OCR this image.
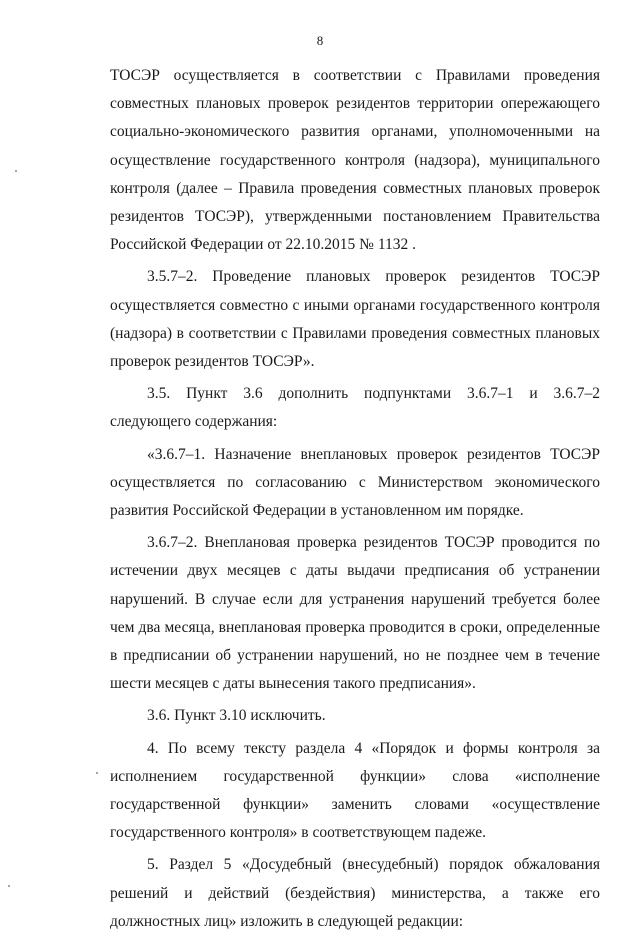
8

ТОСЭР осуществляется в соответствии с Правилами проведения совместных плановых проверок резидентов территории опережающего социально-экономического развития органами, уполномоченными на осуществление государственного контроля (надзора), муниципального контроля (далее – Правила проведения совместных плановых проверок резидентов ТОСЭР), утвержденными постановлением Правительства Российской Федерации от 22.10.2015 № 1132 .

3.5.7–2. Проведение плановых проверок резидентов ТОСЭР осуществляется совместно с иными органами государственного контроля (надзора) в соответствии с Правилами проведения совместных плановых проверок резидентов ТОСЭР».

3.5. Пункт 3.6 дополнить подпунктами 3.6.7–1 и 3.6.7–2 следующего содержания:

«3.6.7–1. Назначение внеплановых проверок резидентов ТОСЭР осуществляется по согласованию с Министерством экономического развития Российской Федерации в установленном им порядке.

3.6.7–2. Внеплановая проверка резидентов ТОСЭР проводится по истечении двух месяцев с даты выдачи предписания об устранении нарушений. В случае если для устранения нарушений требуется более чем два месяца, внеплановая проверка проводится в сроки, определенные в предписании об устранении нарушений, но не позднее чем в течение шести месяцев с даты вынесения такого предписания».

3.6. Пункт 3.10 исключить.

4. По всему тексту раздела 4 «Порядок и формы контроля за исполнением государственной функции» слова «исполнение государственной функции» заменить словами «осуществление государственного контроля» в соответствующем падеже.

5. Раздел 5 «Досудебный (внесудебный) порядок обжалования решений и действий (бездействия) министерства, а также его должностных лиц» изложить в следующей редакции:
